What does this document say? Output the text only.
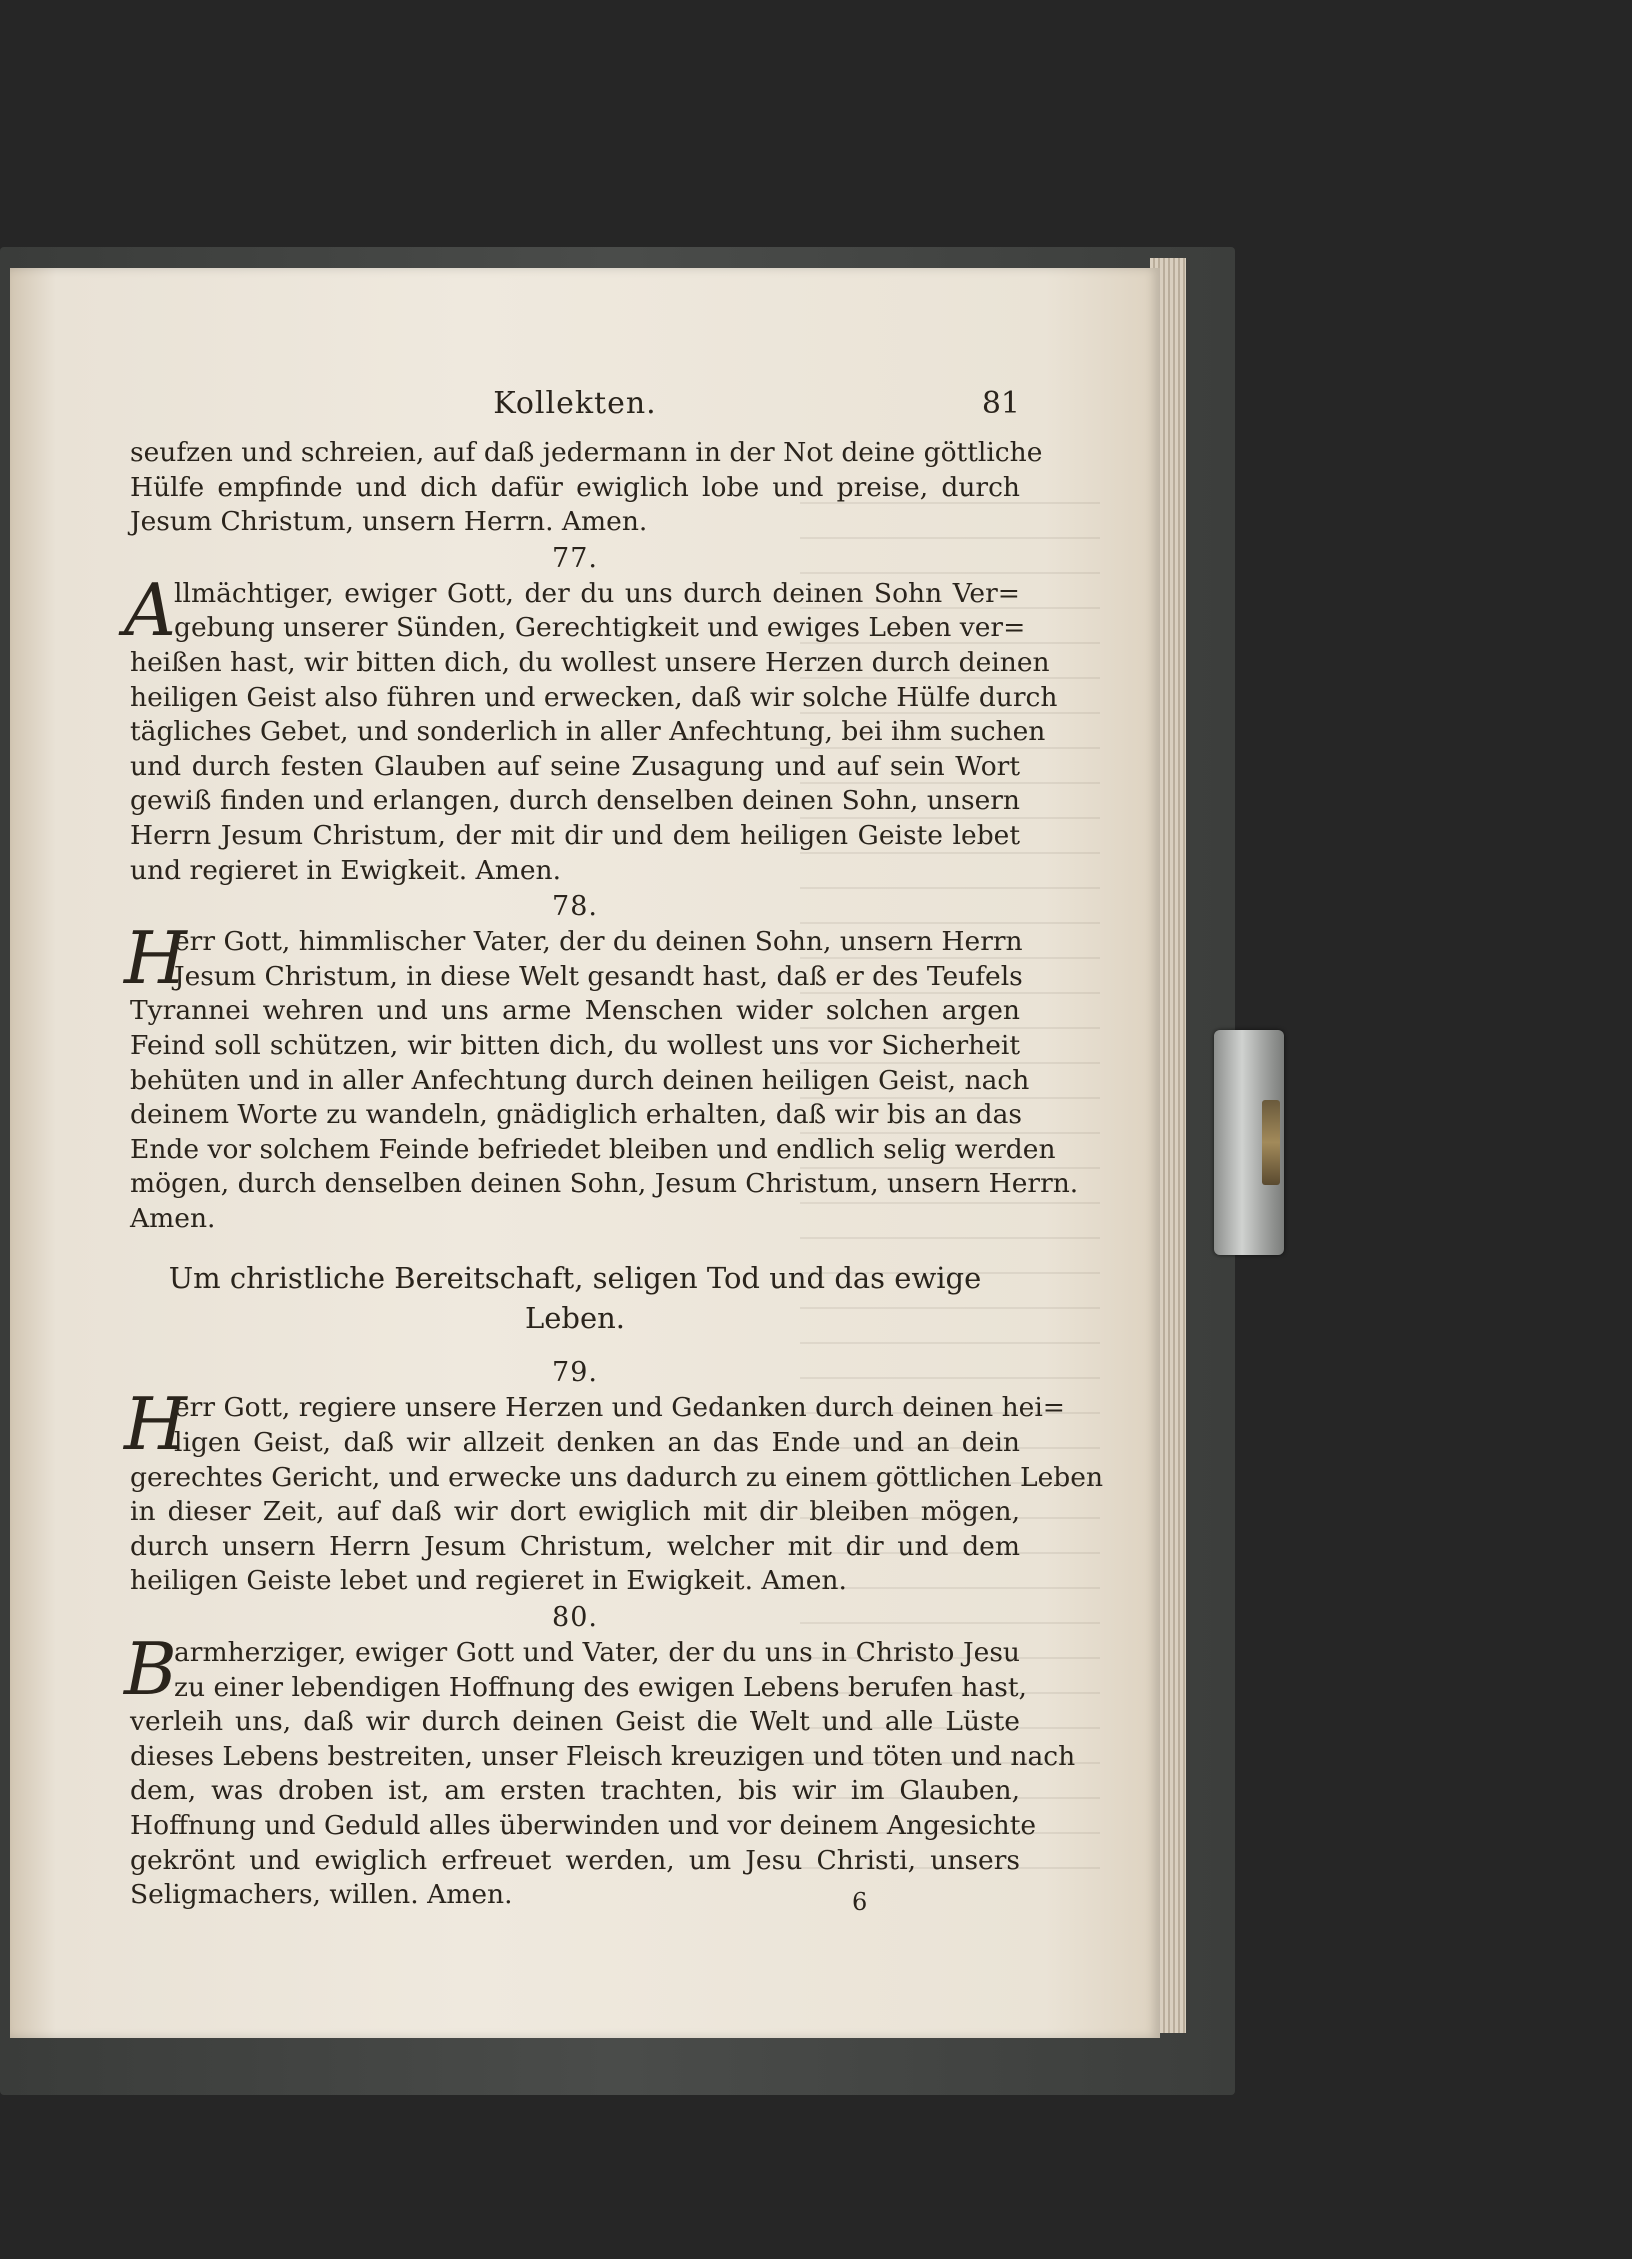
Kollekten.	81
seufzen und schreien, auf daß jedermann in der Not deine göttliche
Hülfe empfinde und dich dafür ewiglich lobe und preise, durch
Jesum Christum, unsern Herrn. Amen.
77.
A
llmächtiger, ewiger Gott, der du uns durch deinen Sohn Ver=
gebung unserer Sünden, Gerechtigkeit und ewiges Leben ver=
heißen hast, wir bitten dich, du wollest unsere Herzen durch deinen
heiligen Geist also führen und erwecken, daß wir solche Hülfe durch
tägliches Gebet, und sonderlich in aller Anfechtung, bei ihm suchen
und durch festen Glauben auf seine Zusagung und auf sein Wort
gewiß finden und erlangen, durch denselben deinen Sohn, unsern
Herrn Jesum Christum, der mit dir und dem heiligen Geiste lebet
und regieret in Ewigkeit. Amen.
78.
H
err Gott, himmlischer Vater, der du deinen Sohn, unsern Herrn
Jesum Christum, in diese Welt gesandt hast, daß er des Teufels
Tyrannei wehren und uns arme Menschen wider solchen argen
Feind soll schützen, wir bitten dich, du wollest uns vor Sicherheit
behüten und in aller Anfechtung durch deinen heiligen Geist, nach
deinem Worte zu wandeln, gnädiglich erhalten, daß wir bis an das
Ende vor solchem Feinde befriedet bleiben und endlich selig werden
mögen, durch denselben deinen Sohn, Jesum Christum, unsern Herrn.
Amen.
Um christliche Bereitschaft, seligen Tod und das ewige Leben.
79.
H
err Gott, regiere unsere Herzen und Gedanken durch deinen hei=
ligen Geist, daß wir allzeit denken an das Ende und an dein
gerechtes Gericht, und erwecke uns dadurch zu einem göttlichen Leben
in dieser Zeit, auf daß wir dort ewiglich mit dir bleiben mögen,
durch unsern Herrn Jesum Christum, welcher mit dir und dem
heiligen Geiste lebet und regieret in Ewigkeit. Amen.
80.
B
armherziger, ewiger Gott und Vater, der du uns in Christo Jesu
zu einer lebendigen Hoffnung des ewigen Lebens berufen hast,
verleih uns, daß wir durch deinen Geist die Welt und alle Lüste
dieses Lebens bestreiten, unser Fleisch kreuzigen und töten und nach
dem, was droben ist, am ersten trachten, bis wir im Glauben,
Hoffnung und Geduld alles überwinden und vor deinem Angesichte
gekrönt und ewiglich erfreuet werden, um Jesu Christi, unsers
Seligmachers, willen. Amen.	6
